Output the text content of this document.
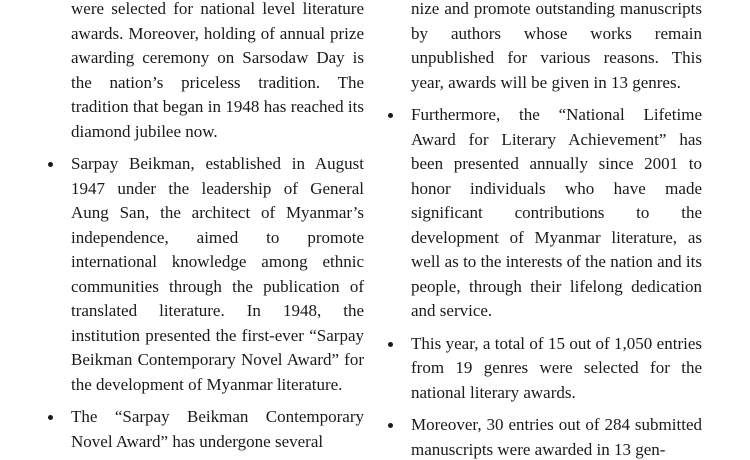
were selected for national level literature awards. Moreover, holding of annual prize awarding ceremony on Sarsodaw Day is the nation’s priceless tradition. The tradition that began in 1948 has reached its diamond jubilee now.

Sarpay Beikman, established in August 1947 under the leadership of General Aung San, the architect of Myanmar’s independence, aimed to promote international knowledge among ethnic communities through the publication of translated literature. In 1948, the institution presented the first-ever “Sarpay Beikman Contemporary Novel Award” for the development of Myanmar literature.
The “Sarpay Beikman Contemporary Novel Award” has undergone several

nize and promote outstanding manuscripts by authors whose works remain unpublished for various reasons. This year, awards will be given in 13 genres.

Furthermore, the “National Lifetime Award for Literary Achievement” has been presented annually since 2001 to honor individuals who have made significant contributions to the development of Myanmar literature, as well as to the interests of the nation and its people, through their lifelong dedication and service.
This year, a total of 15 out of 1,050 entries from 19 genres were selected for the national literary awards.
Moreover, 30 entries out of 284 submitted manuscripts were awarded in 13 gen-
